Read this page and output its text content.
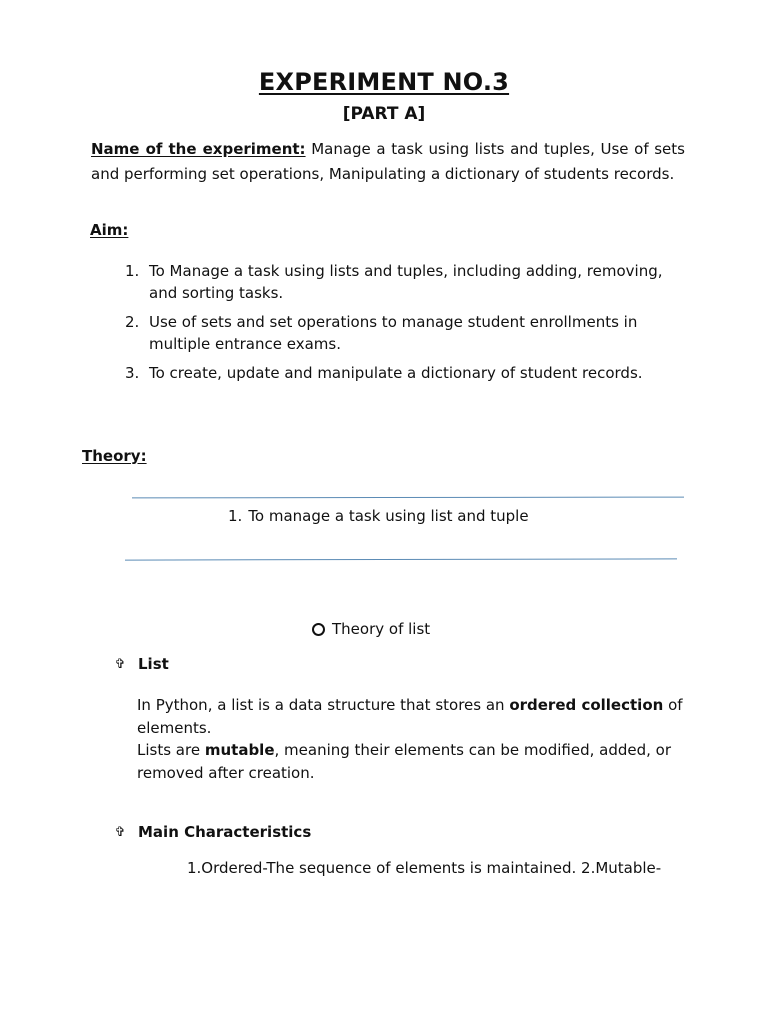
EXPERIMENT NO.3
[PART A]
Name of the experiment: Manage a task using lists and tuples, Use of sets and performing set operations, Manipulating a dictionary of students records.
Aim:
1. To Manage a task using lists and tuples, including adding, removing, and sorting tasks.
2. Use of sets and set operations to manage student enrollments in multiple entrance exams.
3. To create, update and manipulate a dictionary of student records.
Theory:
1. To manage a task using list and tuple
Theory of list
✞ List
In Python, a list is a data structure that stores an ordered collection of elements.
Lists are mutable, meaning their elements can be modified, added, or removed after creation.
✞ Main Characteristics
1.Ordered-The sequence of elements is maintained. 2.Mutable-
